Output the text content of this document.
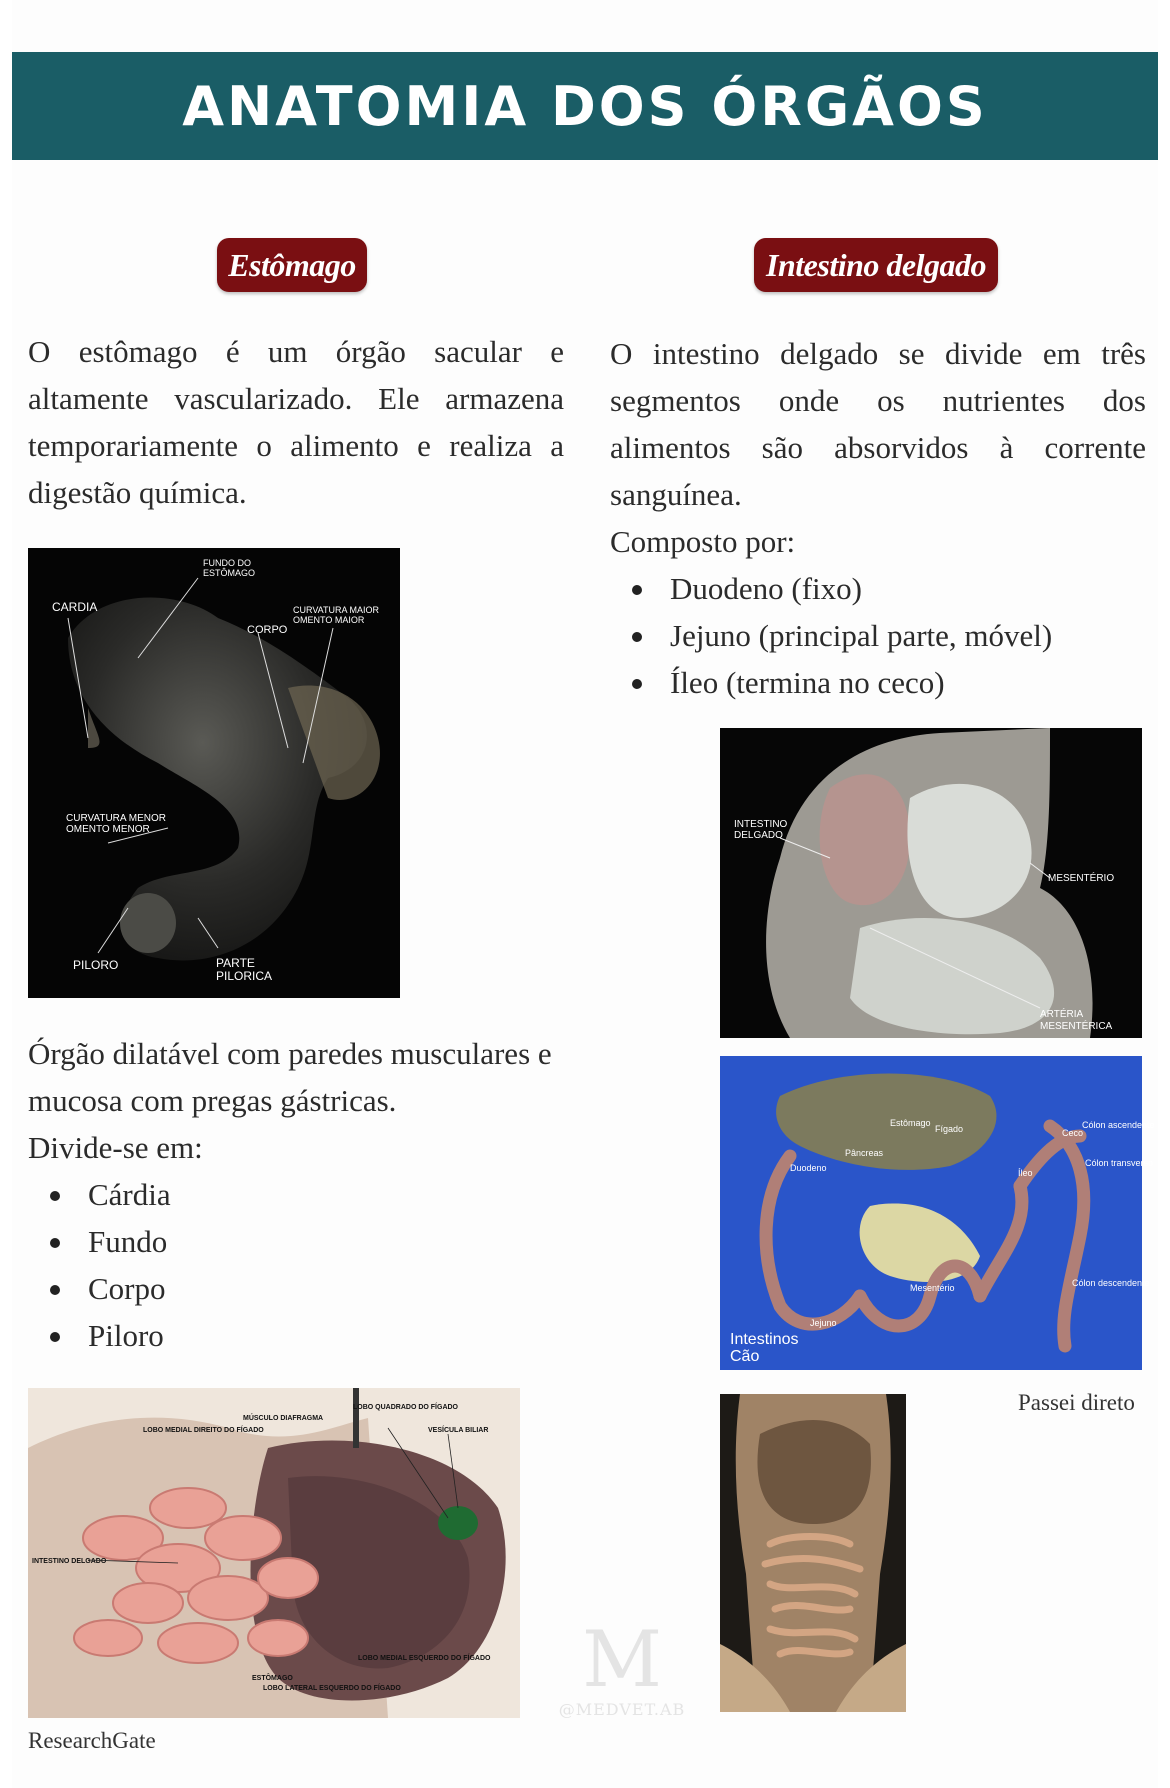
ANATOMIA DOS ÓRGÃOS
Estômago

O estômago é um órgão sacular e altamente vascularizado. Ele armazena temporariamente o alimento e realiza a digestão química.

FUNDO DO
ESTÔMAGO
CARDIA	CURVATURA MAIOR
OMENTO MAIOR
CORPO
CURVATURA MENOR
OMENTO MENOR
PILORO	PARTE
PILORICA

Órgão dilatável com paredes musculares e mucosa com pregas gástricas.

Divide-se em:

Cárdia
Fundo
Corpo
Piloro
LOBO QUADRADO DO FÍGADO
MÚSCULO DIAFRAGMA
LOBO MEDIAL DIREITO DO FÍGADO	VESÍCULA BILIAR
INTESTINO DELGADO
LOBO MEDIAL ESQUERDO DO FÍGADO
ESTÔMAGO
LOBO LATERAL ESQUERDO DO FÍGADO
ResearchGate
Intestino delgado

O intestino delgado se divide em três segmentos onde os nutrientes dos alimentos são absorvidos à corrente sanguínea.

Composto por:

Duodeno (fixo)
Jejuno (principal parte, móvel)
Íleo (termina no ceco)
INTESTINO
DELGADO
MESENTÉRIO
ARTÉRIA
MESENTÉRICA
Estômago
Fígado
Pâncreas
Duodeno
Ceco
Cólon ascendente
Cólon transverso
Íleo
Mesentério
Jejuno
Cólon descendente
Intestinos
Cão
Passei direto
M
@MEDVET.AB
